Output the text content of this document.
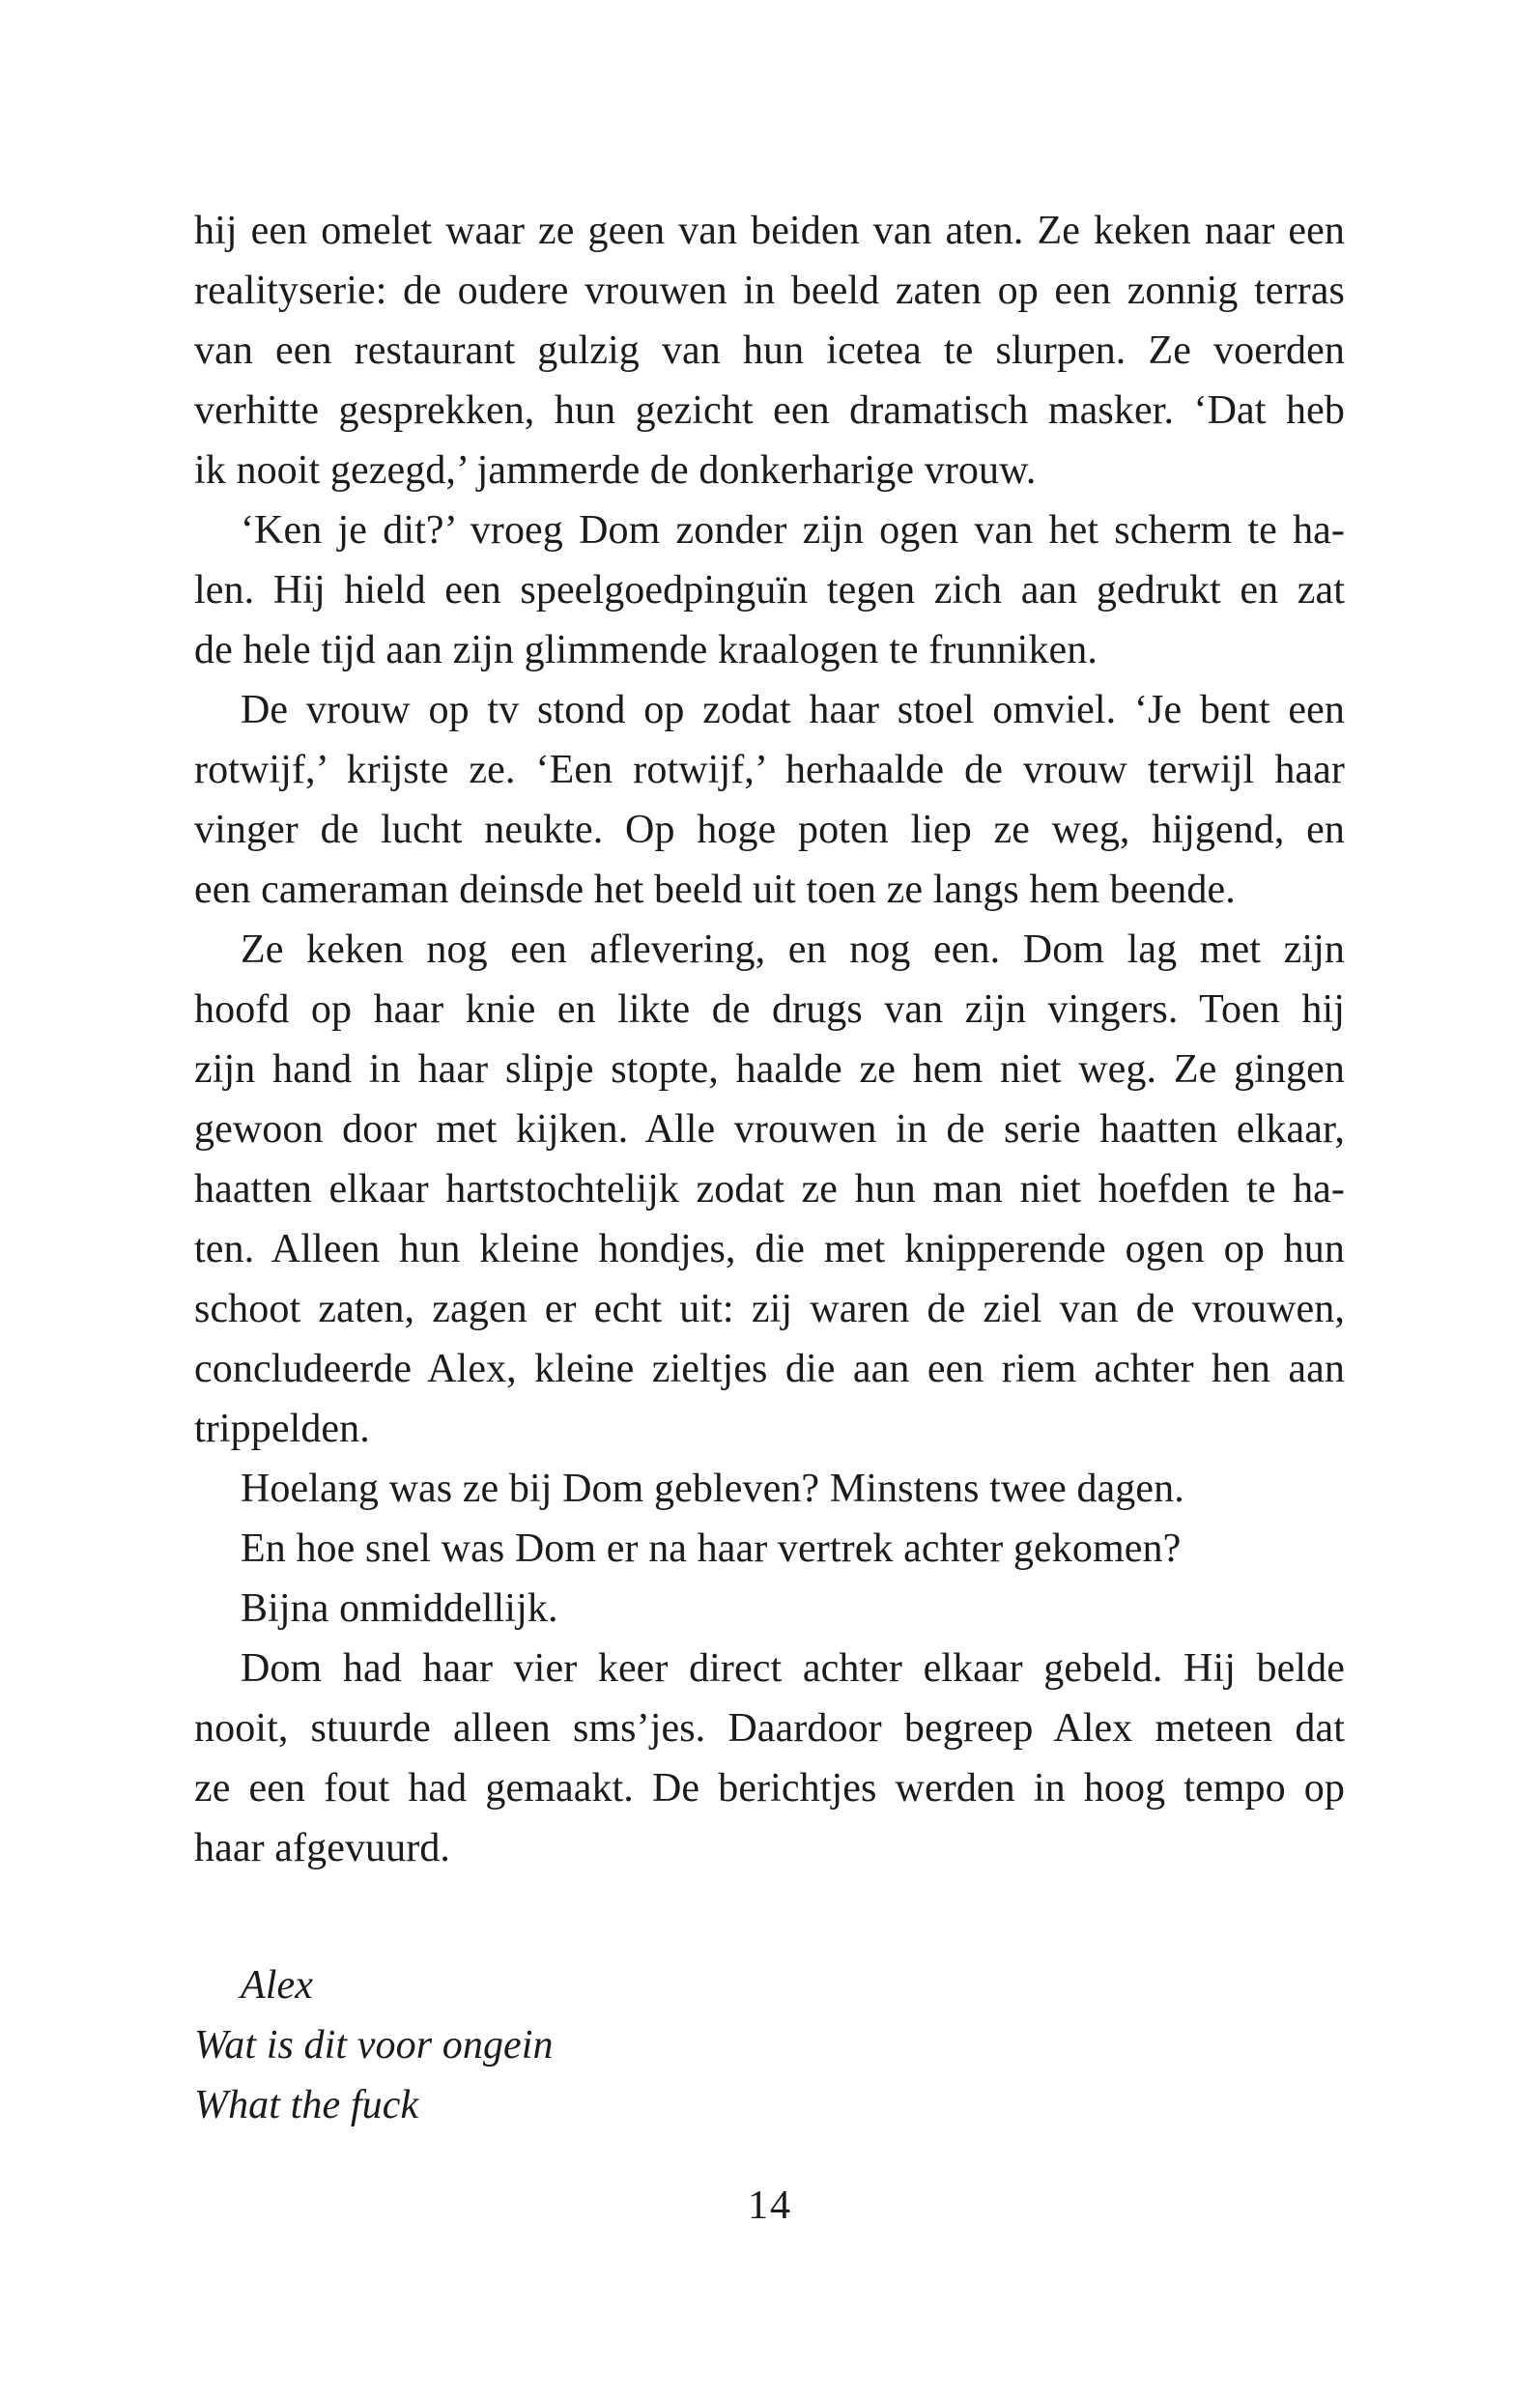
hij een omelet waar ze geen van beiden van aten. Ze keken naar een
realityserie: de oudere vrouwen in beeld zaten op een zonnig terras
van een restaurant gulzig van hun icetea te slurpen. Ze voerden
verhitte gesprekken, hun gezicht een dramatisch masker. ‘Dat heb
ik nooit gezegd,’ jammerde de donkerharige vrouw.
‘Ken je dit?’ vroeg Dom zonder zijn ogen van het scherm te ha-
len. Hij hield een speelgoedpinguïn tegen zich aan gedrukt en zat
de hele tijd aan zijn glimmende kraalogen te frunniken.
De vrouw op tv stond op zodat haar stoel omviel. ‘Je bent een
rotwijf,’ krijste ze. ‘Een rotwijf,’ herhaalde de vrouw terwijl haar
vinger de lucht neukte. Op hoge poten liep ze weg, hijgend, en
een cameraman deinsde het beeld uit toen ze langs hem beende.
Ze keken nog een aflevering, en nog een. Dom lag met zijn
hoofd op haar knie en likte de drugs van zijn vingers. Toen hij
zijn hand in haar slipje stopte, haalde ze hem niet weg. Ze gingen
gewoon door met kijken. Alle vrouwen in de serie haatten elkaar,
haatten elkaar hartstochtelijk zodat ze hun man niet hoefden te ha-
ten. Alleen hun kleine hondjes, die met knipperende ogen op hun
schoot zaten, zagen er echt uit: zij waren de ziel van de vrouwen,
concludeerde Alex, kleine zieltjes die aan een riem achter hen aan
trippelden.
Hoelang was ze bij Dom gebleven? Minstens twee dagen.
En hoe snel was Dom er na haar vertrek achter gekomen?
Bijna onmiddellijk.
Dom had haar vier keer direct achter elkaar gebeld. Hij belde
nooit, stuurde alleen sms’jes. Daardoor begreep Alex meteen dat
ze een fout had gemaakt. De berichtjes werden in hoog tempo op
haar afgevuurd.
Alex
Wat is dit voor ongein
What the fuck
14
